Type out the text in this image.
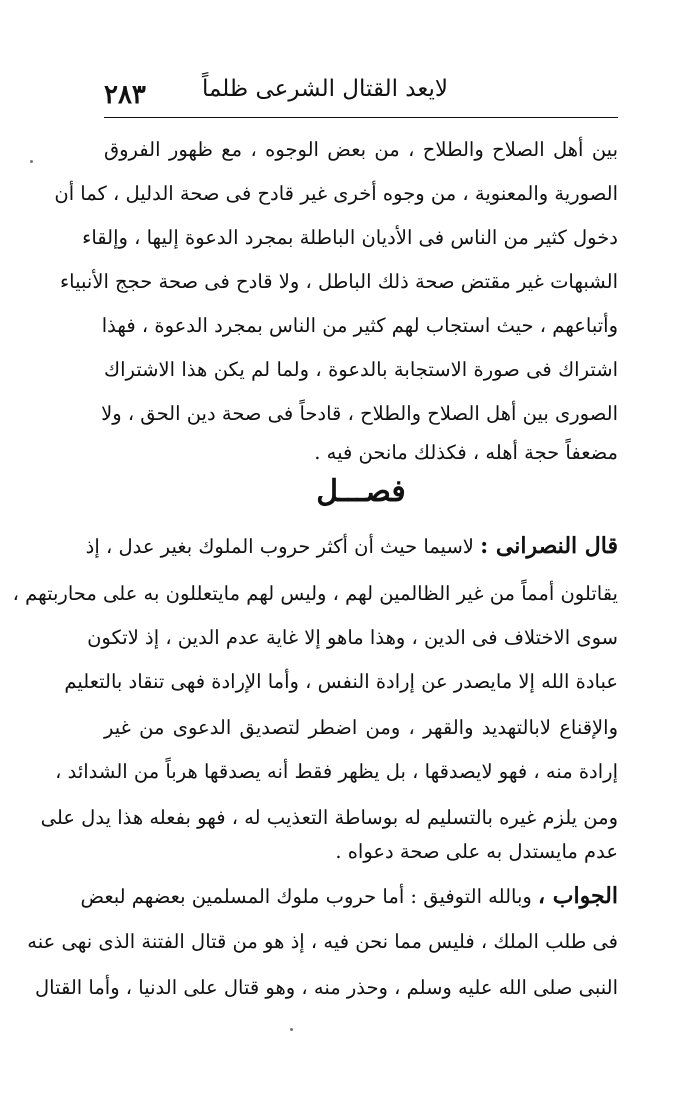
لايعد القتال الشرعى ظلماً
٢٨٣
بين أهل الصلاح والطلاح ، من بعض الوجوه ، مع ظهور الفروق
الصورية والمعنوية ، من وجوه أخرى غير قادح فى صحة الدليل ، كما أن
دخول كثير من الناس فى الأديان الباطلة بمجرد الدعوة إليها ، وإلقاء
الشبهات غير مقتض صحة ذلك الباطل ، ولا قادح فى صحة حجج الأنبياء
وأتباعهم ، حيث استجاب لهم كثير من الناس بمجرد الدعوة ، فهذا
اشتراك فى صورة الاستجابة بالدعوة ، ولما لم يكن هذا الاشتراك
الصورى بين أهل الصلاح والطلاح ، قادحاً فى صحة دين الحق ، ولا
مضعفاً حجة أهله ، فكذلك مانحن فيه .
فصـــل
قال النصرانى : لاسيما حيث أن أكثر حروب الملوك بغير عدل ، إذ
يقاتلون أمماً من غير الظالمين لهم ، وليس لهم مايتعللون به على محاربتهم ،
سوى الاختلاف فى الدين ، وهذا ماهو إلا غاية عدم الدين ، إذ لاتكون
عبادة الله إلا مايصدر عن إرادة النفس ، وأما الإرادة فهى تنقاد بالتعليم
والإقناع لابالتهديد والقهر ، ومن اضطر لتصديق الدعوى من غير
إرادة منه ، فهو لايصدقها ، بل يظهر فقط أنه يصدقها هرباً من الشدائد ،
ومن يلزم غيره بالتسليم له بوساطة التعذيب له ، فهو بفعله هذا يدل على
عدم مايستدل به على صحة دعواه .
الجواب ، وبالله التوفيق : أما حروب ملوك المسلمين بعضهم لبعض
فى طلب الملك ، فليس مما نحن فيه ، إذ هو من قتال الفتنة الذى نهى عنه
النبى صلى الله عليه وسلم ، وحذر منه ، وهو قتال على الدنيا ، وأما القتال
